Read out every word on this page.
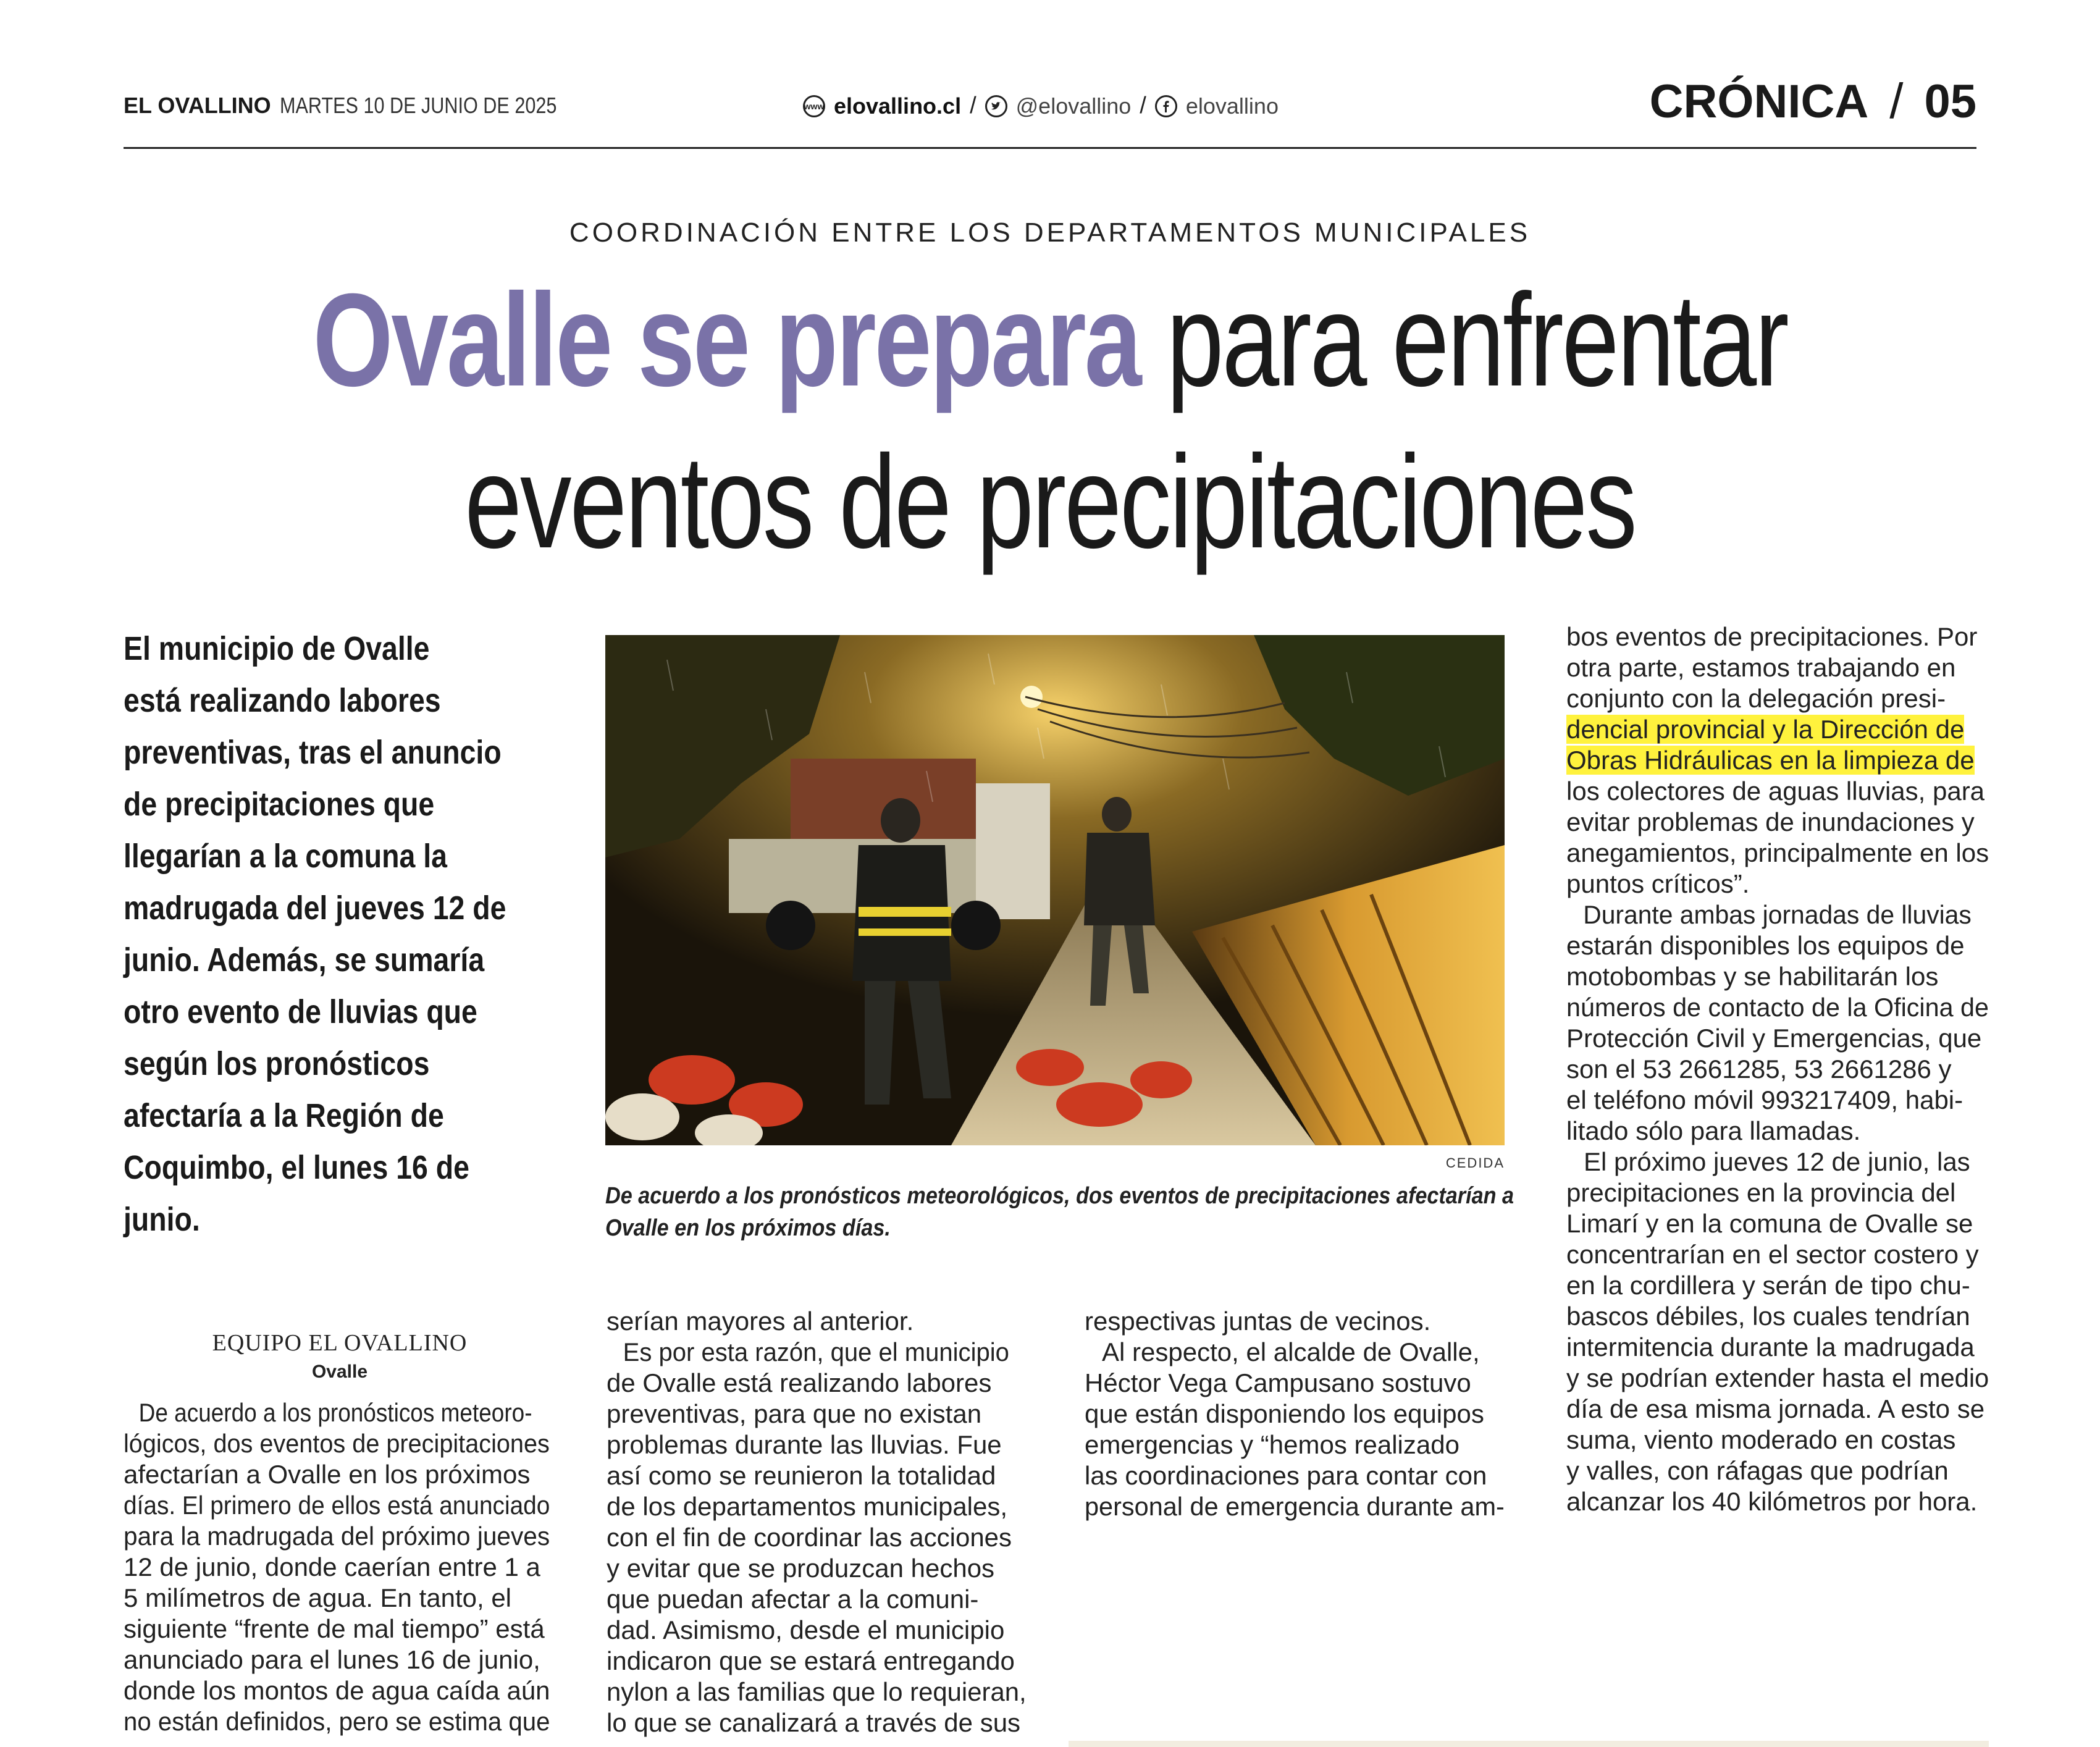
EL OVALLINO MARTES 10 DE JUNIO DE 2025	www elovallino.cl / @elovallino / elovallino	CRÓNICA / 05
COORDINACIÓN ENTRE LOS DEPARTAMENTOS MUNICIPALES
Ovalle se prepara para enfrentar
eventos de precipitaciones
El municipio de Ovalle
está realizando labores
preventivas, tras el anuncio
de precipitaciones que
llegarían a la comuna la
madrugada del jueves 12 de
junio. Además, se sumaría
otro evento de lluvias que
según los pronósticos
afectaría a la Región de
Coquimbo, el lunes 16 de
junio.
CEDIDA
De acuerdo a los pronósticos meteorológicos, dos eventos de precipitaciones afectarían a
Ovalle en los próximos días.
EQUIPO EL OVALLINO
Ovalle
De acuerdo a los pronósticos meteoro-
lógicos, dos eventos de precipitaciones
afectarían a Ovalle en los próximos
días. El primero de ellos está anunciado
para la madrugada del próximo jueves
12 de junio, donde caerían entre 1 a
5 milímetros de agua. En tanto, el
siguiente “frente de mal tiempo” está
anunciado para el lunes 16 de junio,
donde los montos de agua caída aún
no están definidos, pero se estima que
serían mayores al anterior.
Es por esta razón, que el municipio
de Ovalle está realizando labores
preventivas, para que no existan
problemas durante las lluvias. Fue
así como se reunieron la totalidad
de los departamentos municipales,
con el fin de coordinar las acciones
y evitar que se produzcan hechos
que puedan afectar a la comuni-
dad. Asimismo, desde el municipio
indicaron que se estará entregando
nylon a las familias que lo requieran,
lo que se canalizará a través de sus
respectivas juntas de vecinos.
Al respecto, el alcalde de Ovalle,
Héctor Vega Campusano sostuvo
que están disponiendo los equipos
emergencias y “hemos realizado
las coordinaciones para contar con
personal de emergencia durante am-
bos eventos de precipitaciones. Por
otra parte, estamos trabajando en
conjunto con la delegación presi-
dencial provincial y la Dirección de
Obras Hidráulicas en la limpieza de
los colectores de aguas lluvias, para
evitar problemas de inundaciones y
anegamientos, principalmente en los
puntos críticos”.
Durante ambas jornadas de lluvias
estarán disponibles los equipos de
motobombas y se habilitarán los
números de contacto de la Oficina de
Protección Civil y Emergencias, que
son el 53 2661285, 53 2661286 y
el teléfono móvil 993217409, habi-
litado sólo para llamadas.
El próximo jueves 12 de junio, las
precipitaciones en la provincia del
Limarí y en la comuna de Ovalle se
concentrarían en el sector costero y
en la cordillera y serán de tipo chu-
bascos débiles, los cuales tendrían
intermitencia durante la madrugada
y se podrían extender hasta el medio
día de esa misma jornada. A esto se
suma, viento moderado en costas
y valles, con ráfagas que podrían
alcanzar los 40 kilómetros por hora.
